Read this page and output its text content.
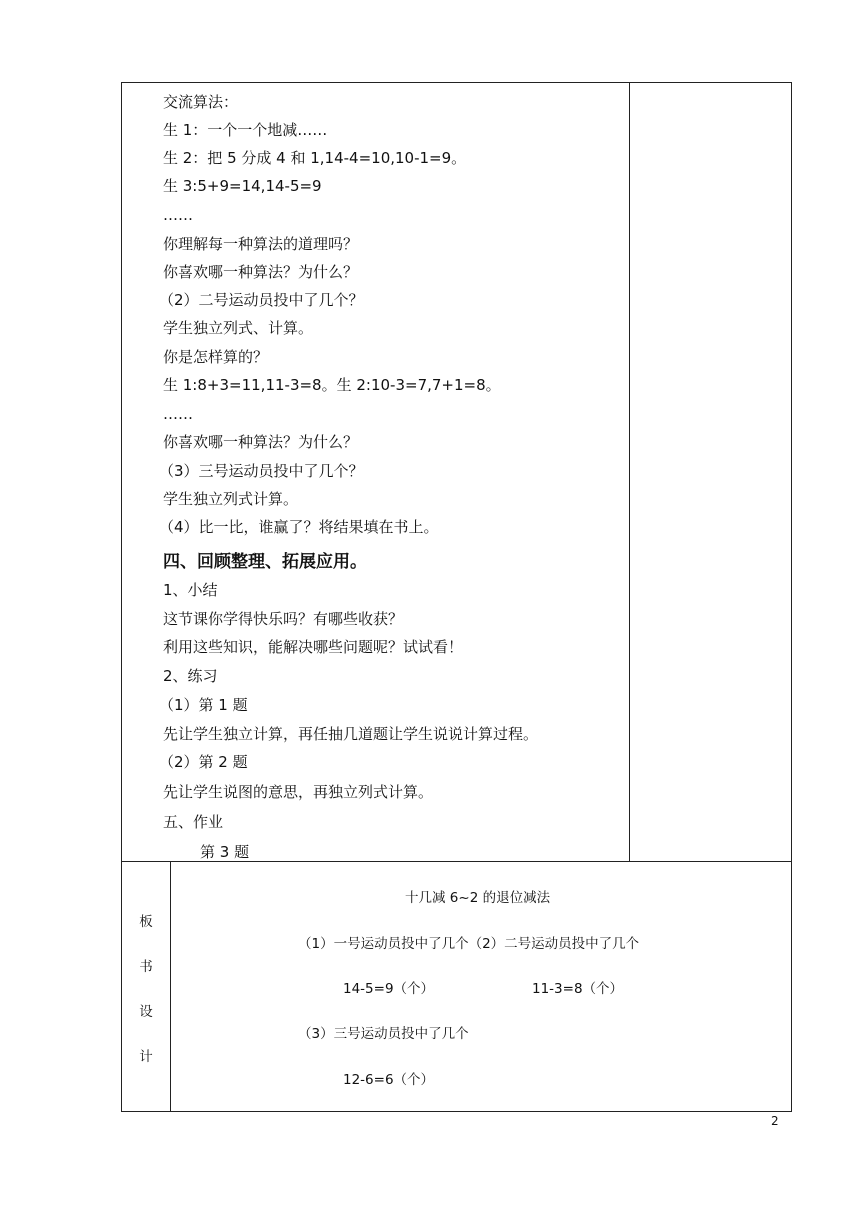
交流算法：
生 1：一个一个地减……
生 2：把 5 分成 4 和 1,14-4=10,10-1=9。
生 3:5+9=14,14-5=9
……
你理解每一种算法的道理吗？
你喜欢哪一种算法？为什么？
（2）二号运动员投中了几个？
学生独立列式、计算。
你是怎样算的？
生 1:8+3=11,11-3=8。生 2:10-3=7,7+1=8。
……
你喜欢哪一种算法？为什么？
（3）三号运动员投中了几个？
学生独立列式计算。
（4）比一比，谁赢了？将结果填在书上。
四、回顾整理、拓展应用。
1、小结
这节课你学得快乐吗？有哪些收获？
利用这些知识，能解决哪些问题呢？试试看！
2、练习
（1）第 1 题
先让学生独立计算，再任抽几道题让学生说说计算过程。
（2）第 2 题
先让学生说图的意思，再独立列式计算。
五、作业
第 3 题
板
书
设
计
十几减 6~2 的退位减法
（1）一号运动员投中了几个（2）二号运动员投中了几个
14-5=9（个）	11-3=8（个）
（3）三号运动员投中了几个
12-6=6（个）
2
